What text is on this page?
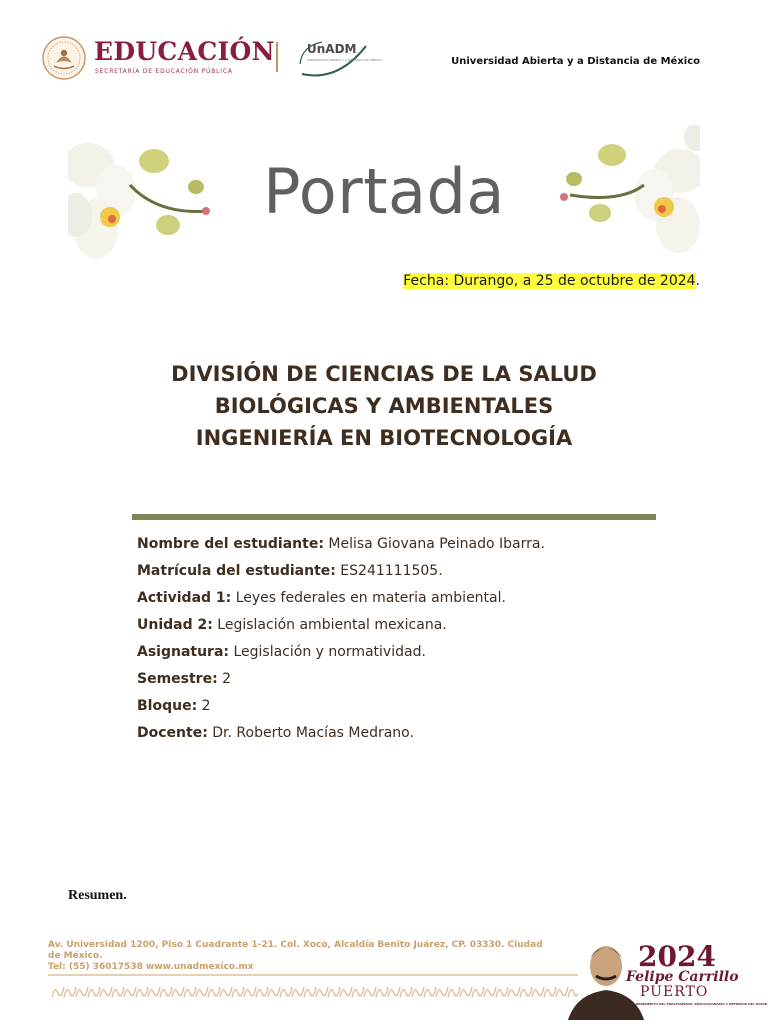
EDUCACIÓN
SECRETARÍA DE EDUCACIÓN PÚBLICA
UnADM
UNIVERSIDAD ABIERTA Y A DISTANCIA DE MÉXICO	Universidad Abierta y a Distancia de México
Portada
Fecha: Durango, a 25 de octubre de 2024.
DIVISIÓN DE CIENCIAS DE LA SALUD
BIOLÓGICAS Y AMBIENTALES
INGENIERÍA EN BIOTECNOLOGÍA
Nombre del estudiante: Melisa Giovana Peinado Ibarra.
Matrícula del estudiante: ES241111505.
Actividad 1: Leyes federales en materia ambiental.
Unidad 2: Legislación ambiental mexicana.
Asignatura: Legislación y normatividad.
Semestre: 2
Bloque: 2
Docente: Dr. Roberto Macías Medrano.
Resumen.
Av. Universidad 1200, Piso 1 Cuadrante 1-21. Col. Xoco, Alcaldía Benito Juárez, CP. 03330. Ciudad de México.
Tel: (55) 36017538 www.unadmexico.mx	2024
Felipe Carrillo
PUERTO
BENEMÉRITO DEL PROLETARIADO, REVOLUCIONARIO Y DEFENSOR DEL MAYAB
